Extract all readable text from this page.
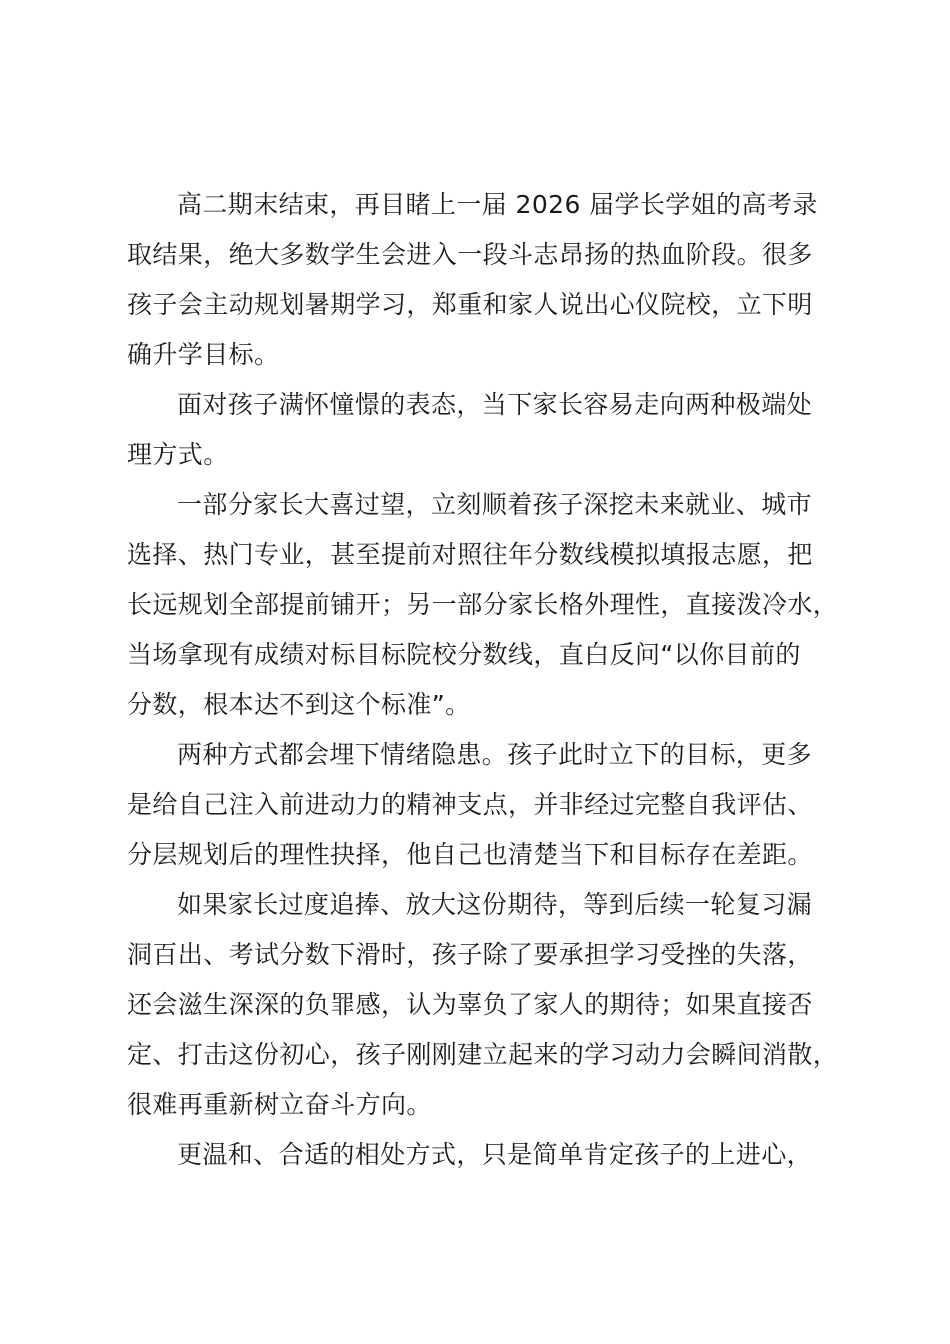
高二期末结束，再目睹上一届 2026 届学长学姐的高考录
取结果，绝大多数学生会进入一段斗志昂扬的热血阶段。很多
孩子会主动规划暑期学习，郑重和家人说出心仪院校，立下明
确升学目标。
面对孩子满怀憧憬的表态，当下家长容易走向两种极端处
理方式。
一部分家长大喜过望，立刻顺着孩子深挖未来就业、城市
选择、热门专业，甚至提前对照往年分数线模拟填报志愿，把
长远规划全部提前铺开；另一部分家长格外理性，直接泼冷水，
当场拿现有成绩对标目标院校分数线，直白反问“以你目前的
分数，根本达不到这个标准”。
两种方式都会埋下情绪隐患。孩子此时立下的目标，更多
是给自己注入前进动力的精神支点，并非经过完整自我评估、
分层规划后的理性抉择，他自己也清楚当下和目标存在差距。
如果家长过度追捧、放大这份期待，等到后续一轮复习漏
洞百出、考试分数下滑时，孩子除了要承担学习受挫的失落，
还会滋生深深的负罪感，认为辜负了家人的期待；如果直接否
定、打击这份初心，孩子刚刚建立起来的学习动力会瞬间消散，
很难再重新树立奋斗方向。
更温和、合适的相处方式，只是简单肯定孩子的上进心，
